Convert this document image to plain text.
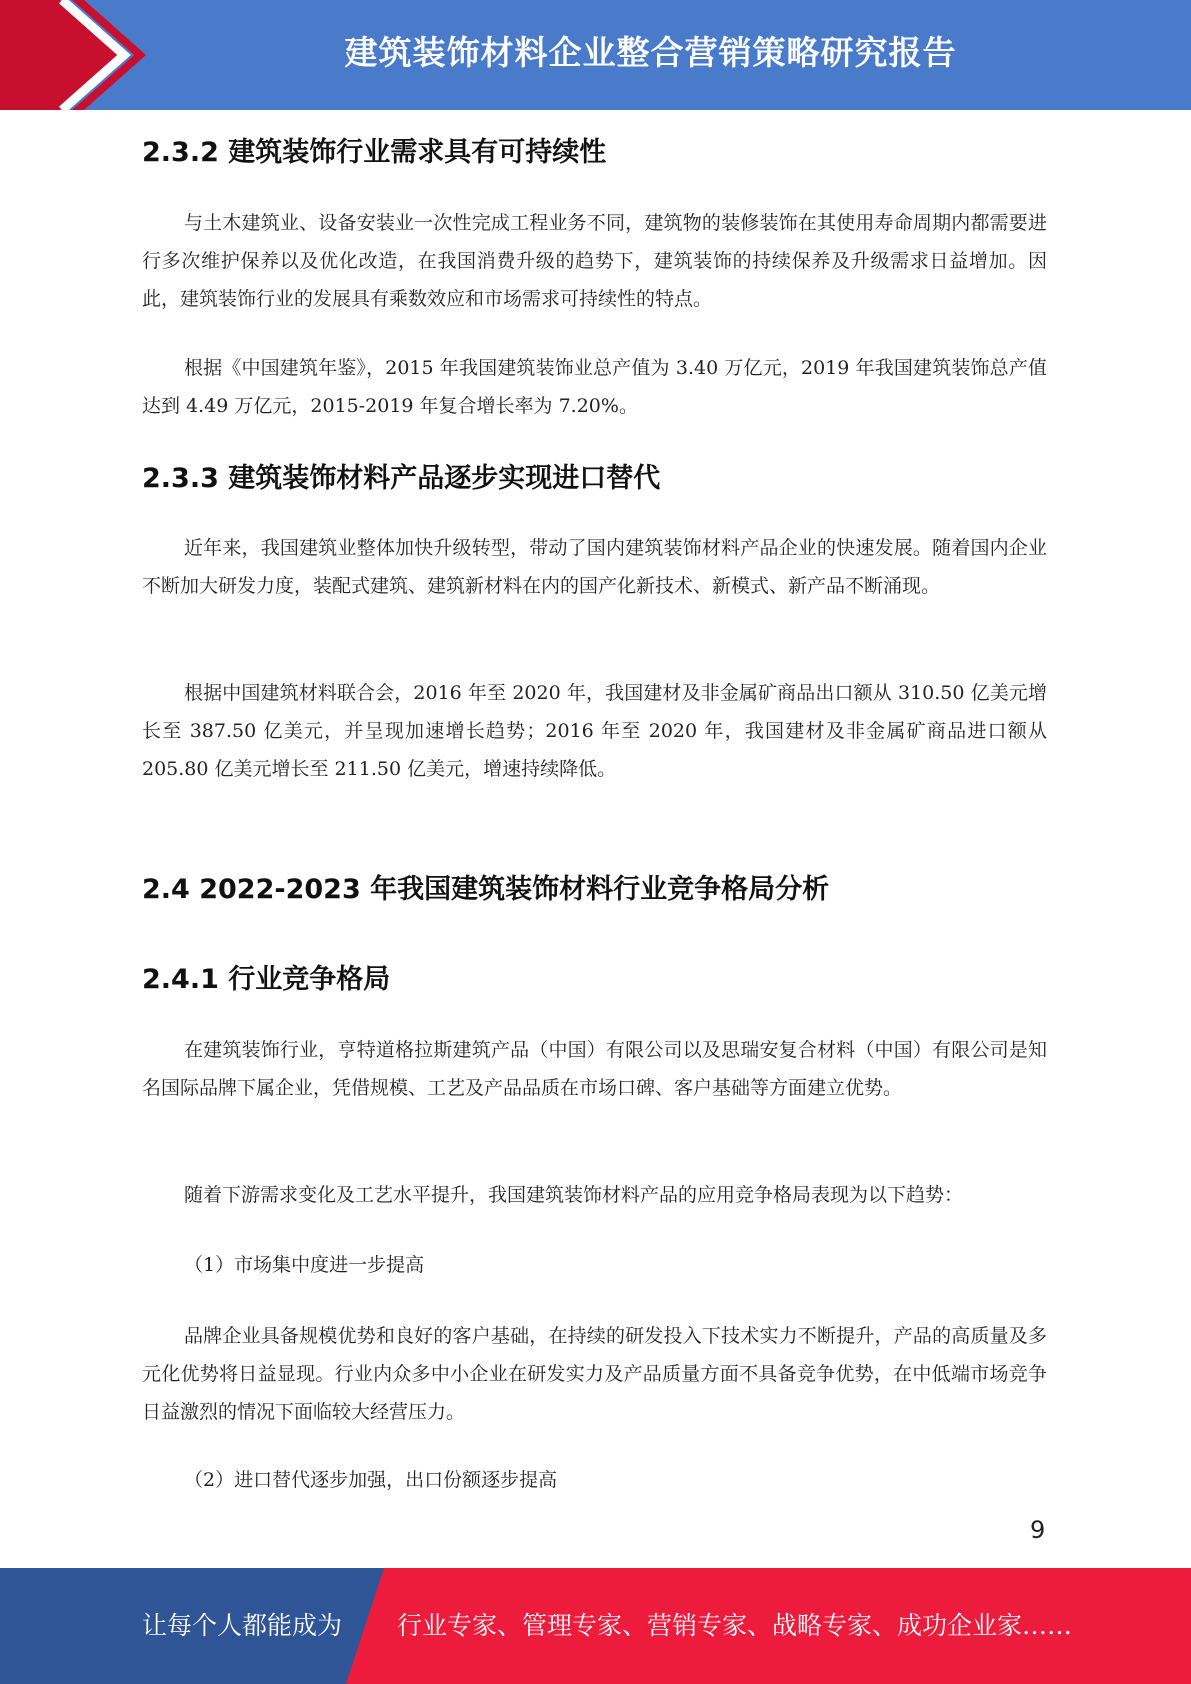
建筑装饰材料企业整合营销策略研究报告
2.3.2 建筑装饰行业需求具有可持续性

与土木建筑业、设备安装业一次性完成工程业务不同，建筑物的装修装饰在其使用寿命周期内都需要进行多次维护保养以及优化改造，在我国消费升级的趋势下，建筑装饰的持续保养及升级需求日益增加。因此，建筑装饰行业的发展具有乘数效应和市场需求可持续性的特点。

根据《中国建筑年鉴》，2015 年我国建筑装饰业总产值为 3.40 万亿元，2019 年我国建筑装饰总产值达到 4.49 万亿元，2015-2019 年复合增长率为 7.20%。

2.3.3 建筑装饰材料产品逐步实现进口替代

近年来，我国建筑业整体加快升级转型，带动了国内建筑装饰材料产品企业的快速发展。随着国内企业不断加大研发力度，装配式建筑、建筑新材料在内的国产化新技术、新模式、新产品不断涌现。

根据中国建筑材料联合会，2016 年至 2020 年，我国建材及非金属矿商品出口额从 310.50 亿美元增长至 387.50 亿美元，并呈现加速增长趋势；2016 年至 2020 年，我国建材及非金属矿商品进口额从 205.80 亿美元增长至 211.50 亿美元，增速持续降低。

2.4 2022-2023 年我国建筑装饰材料行业竞争格局分析
2.4.1 行业竞争格局

在建筑装饰行业，亨特道格拉斯建筑产品（中国）有限公司以及思瑞安复合材料（中国）有限公司是知名国际品牌下属企业，凭借规模、工艺及产品品质在市场口碑、客户基础等方面建立优势。

随着下游需求变化及工艺水平提升，我国建筑装饰材料产品的应用竞争格局表现为以下趋势：

（1）市场集中度进一步提高

品牌企业具备规模优势和良好的客户基础，在持续的研发投入下技术实力不断提升，产品的高质量及多元化优势将日益显现。行业内众多中小企业在研发实力及产品质量方面不具备竞争优势，在中低端市场竞争日益激烈的情况下面临较大经营压力。

（2）进口替代逐步加强，出口份额逐步提高

9
让每个人都能成为 行业专家、管理专家、营销专家、战略专家、成功企业家……
